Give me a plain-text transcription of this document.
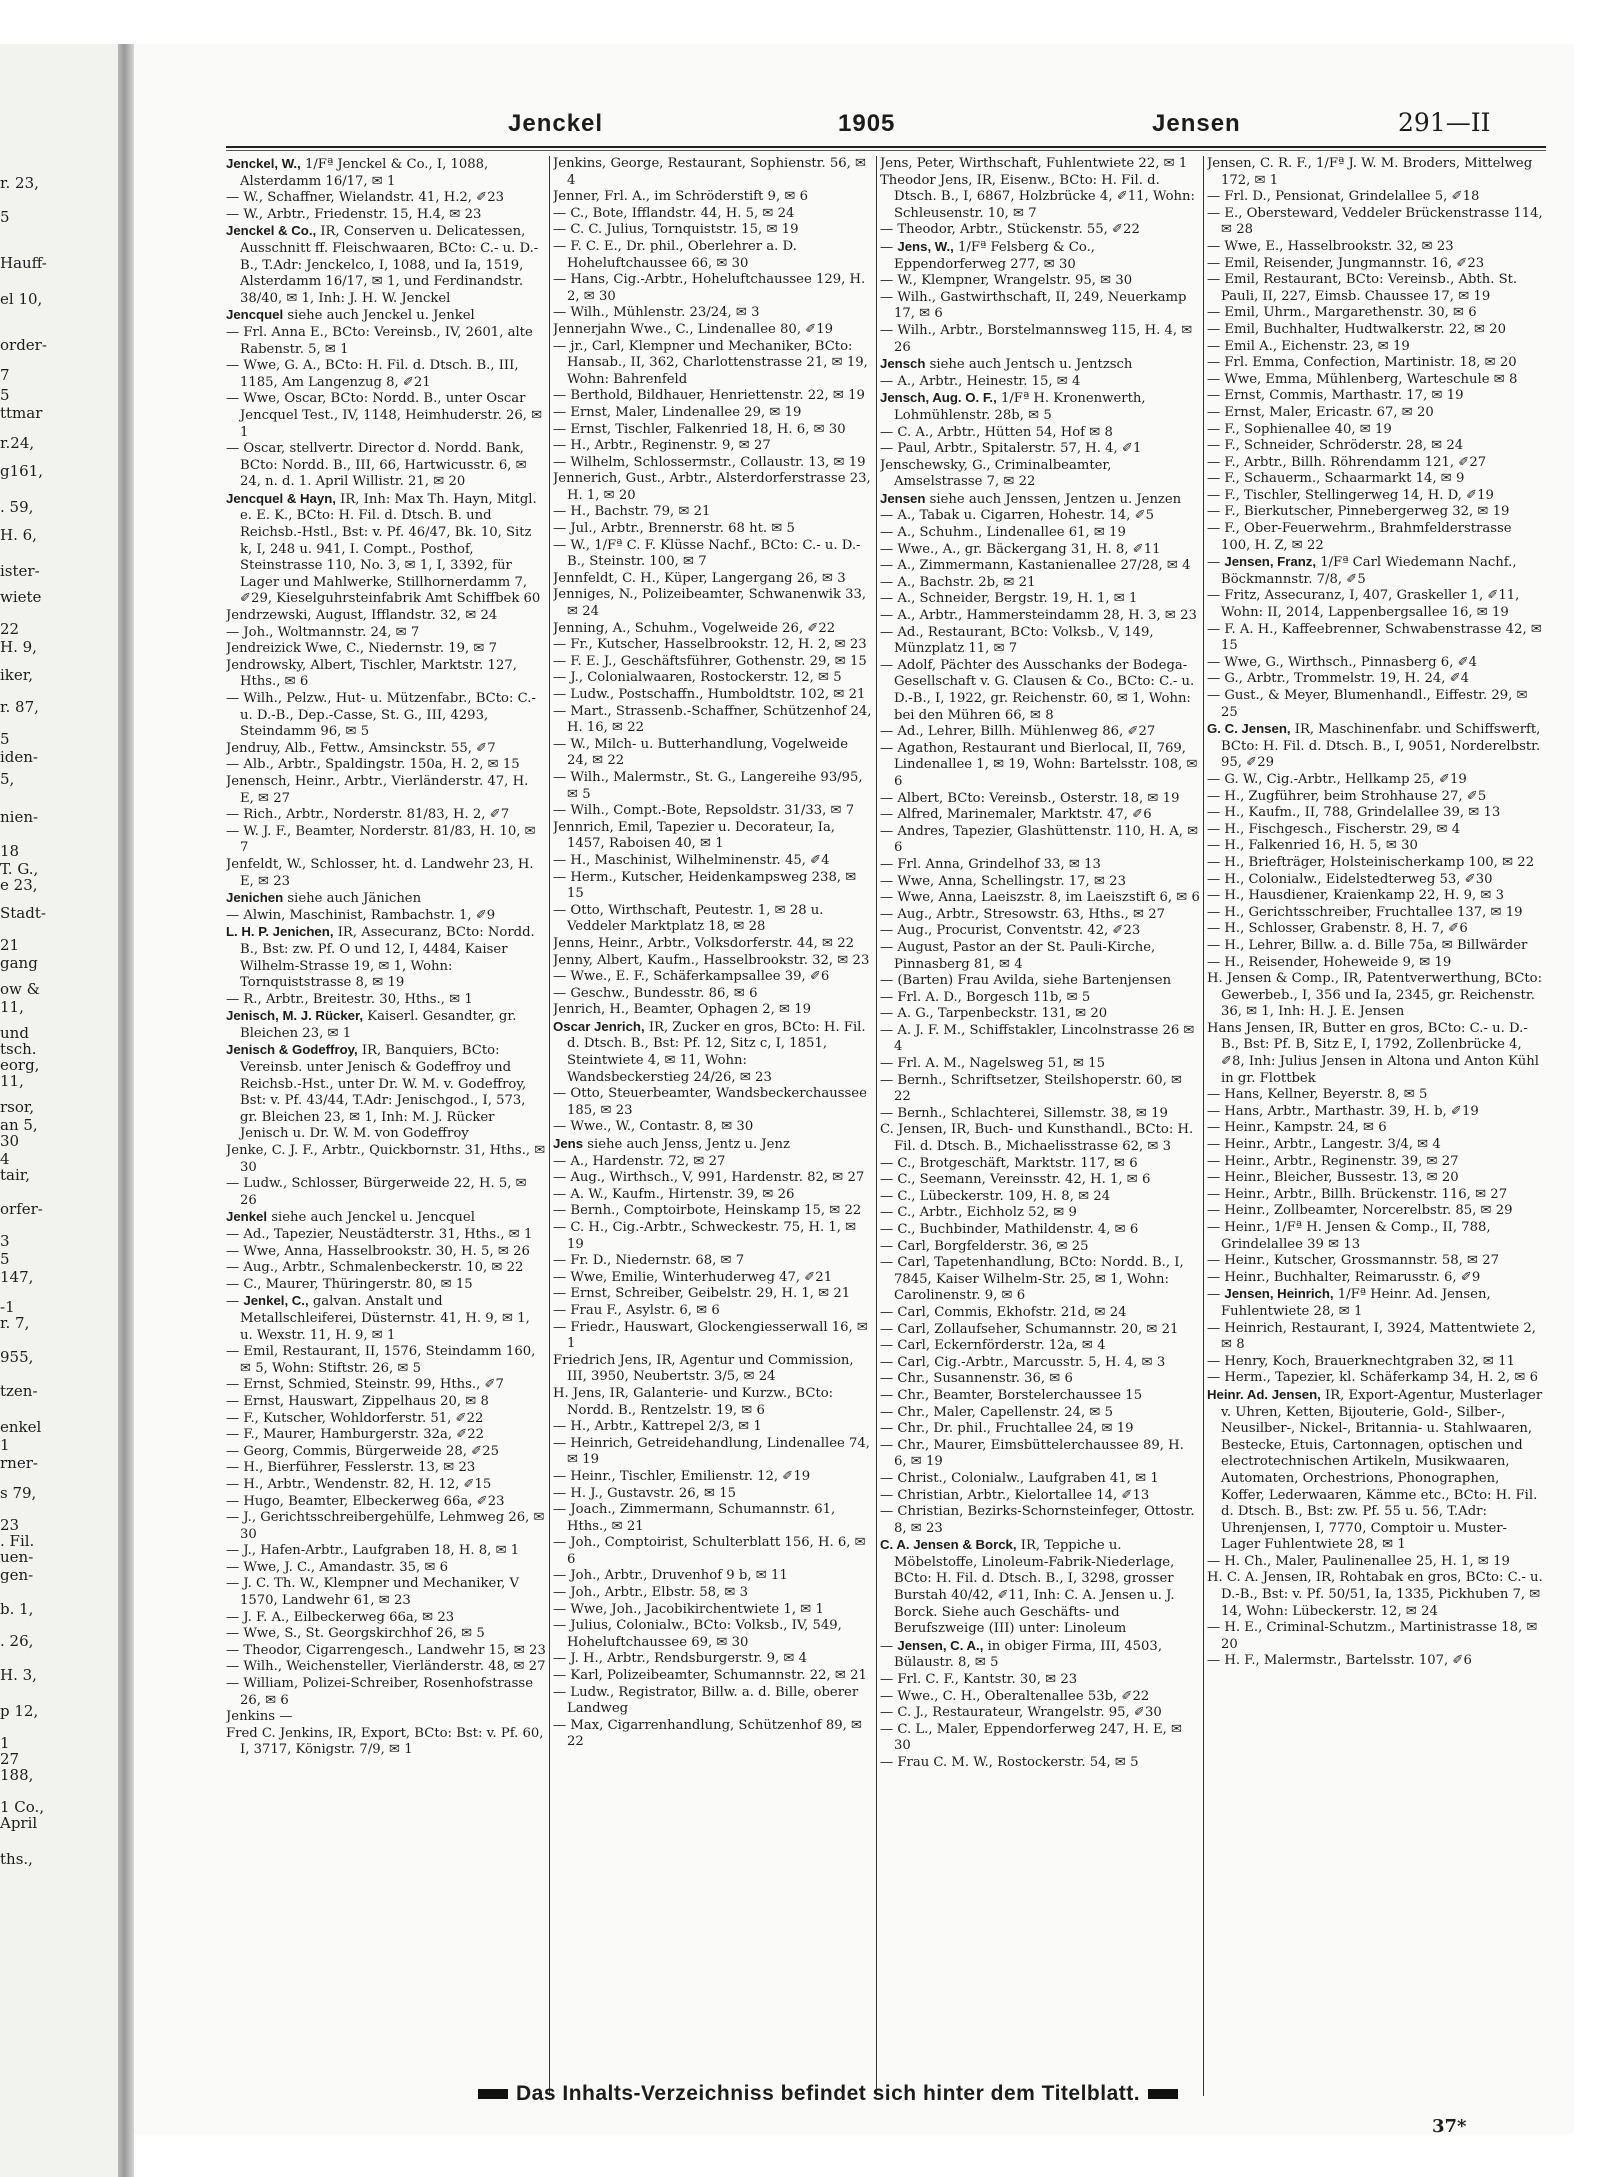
r. 23,
5
Hauff-
el 10,
order-
7
5
ttmar
r.24,
g161,
. 59,
H. 6,
ister-
wiete
22
H. 9,
iker,
r. 87,
5
iden-
5,
nien-
18
T. G.,
e 23,
Stadt-
21
gang
ow &
11,
und
tsch.
eorg,
11,
rsor,
an 5,
30
4
tair,
orfer-
3
5
147,
-1
r. 7,
955,
tzen-
enkel
1
rner-
s 79,
23
. Fil.
uen-
gen-
b. 1,
. 26,
H. 3,
p 12,
1
27
188,
1 Co.,
April
ths.,
Jenckel	1905	Jensen	291—II

Jenckel, W., 1/Fª Jenckel & Co., I, 1088, Alsterdamm 16/17, ✉ 1

— W., Schaffner, Wielandstr. 41, H.2, ✐23

— W., Arbtr., Friedenstr. 15, H.4, ✉ 23

Jenckel & Co., IR, Conserven u. Delicatessen, Ausschnitt ff. Fleischwaaren, BCto: C.- u. D.-B., T.Adr: Jenckelco, I, 1088, und Ia, 1519, Alsterdamm 16/17, ✉ 1, und Ferdinandstr. 38/40, ✉ 1, Inh: J. H. W. Jenckel

Jencquel siehe auch Jenckel u. Jenkel

— Frl. Anna E., BCto: Vereinsb., IV, 2601, alte Rabenstr. 5, ✉ 1

— Wwe, G. A., BCto: H. Fil. d. Dtsch. B., III, 1185, Am Langenzug 8, ✐21

— Wwe, Oscar, BCto: Nordd. B., unter Oscar Jencquel Test., IV, 1148, Heimhuderstr. 26, ✉ 1

— Oscar, stellvertr. Director d. Nordd. Bank, BCto: Nordd. B., III, 66, Hartwicusstr. 6, ✉ 24, n. d. 1. April Willistr. 21, ✉ 20

Jencquel & Hayn, IR, Inh: Max Th. Hayn, Mitgl. e. E. K., BCto: H. Fil. d. Dtsch. B. und Reichsb.-Hstl., Bst: v. Pf. 46/47, Bk. 10, Sitz k, I, 248 u. 941, I. Compt., Posthof, Steinstrasse 110, No. 3, ✉ 1, I, 3392, für Lager und Mahlwerke, Stillhornerdamm 7, ✐29, Kieselguhrsteinfabrik Amt Schiffbek 60

Jendrzewski, August, Ifflandstr. 32, ✉ 24

— Joh., Woltmannstr. 24, ✉ 7

Jendreizick Wwe, C., Niedernstr. 19, ✉ 7

Jendrowsky, Albert, Tischler, Marktstr. 127, Hths., ✉ 6

— Wilh., Pelzw., Hut- u. Mützenfabr., BCto: C.- u. D.-B., Dep.-Casse, St. G., III, 4293, Steindamm 96, ✉ 5

Jendruy, Alb., Fettw., Amsinckstr. 55, ✐7

— Alb., Arbtr., Spaldingstr. 150a, H. 2, ✉ 15

Jenensch, Heinr., Arbtr., Vierländerstr. 47, H. E, ✉ 27

— Rich., Arbtr., Norderstr. 81/83, H. 2, ✐7

— W. J. F., Beamter, Norderstr. 81/83, H. 10, ✉ 7

Jenfeldt, W., Schlosser, ht. d. Landwehr 23, H. E, ✉ 23

Jenichen siehe auch Jänichen

— Alwin, Maschinist, Rambachstr. 1, ✐9

L. H. P. Jenichen, IR, Assecuranz, BCto: Nordd. B., Bst: zw. Pf. O und 12, I, 4484, Kaiser Wilhelm-Strasse 19, ✉ 1, Wohn: Tornquiststrasse 8, ✉ 19

— R., Arbtr., Breitestr. 30, Hths., ✉ 1

Jenisch, M. J. Rücker, Kaiserl. Gesandter, gr. Bleichen 23, ✉ 1

Jenisch & Godeffroy, IR, Banquiers, BCto: Vereinsb. unter Jenisch & Godeffroy und Reichsb.-Hst., unter Dr. W. M. v. Godeffroy, Bst: v. Pf. 43/44, T.Adr: Jenischgod., I, 573, gr. Bleichen 23, ✉ 1, Inh: M. J. Rücker Jenisch u. Dr. W. M. von Godeffroy

Jenke, C. J. F., Arbtr., Quickbornstr. 31, Hths., ✉ 30

— Ludw., Schlosser, Bürgerweide 22, H. 5, ✉ 26

Jenkel siehe auch Jenckel u. Jencquel

— Ad., Tapezier, Neustädterstr. 31, Hths., ✉ 1

— Wwe, Anna, Hasselbrookstr. 30, H. 5, ✉ 26

— Aug., Arbtr., Schmalenbeckerstr. 10, ✉ 22

— C., Maurer, Thüringerstr. 80, ✉ 15

— Jenkel, C., galvan. Anstalt und Metallschleiferei, Düsternstr. 41, H. 9, ✉ 1, u. Wexstr. 11, H. 9, ✉ 1

— Emil, Restaurant, II, 1576, Steindamm 160, ✉ 5, Wohn: Stiftstr. 26, ✉ 5

— Ernst, Schmied, Steinstr. 99, Hths., ✐7

— Ernst, Hauswart, Zippelhaus 20, ✉ 8

— F., Kutscher, Wohldorferstr. 51, ✐22

— F., Maurer, Hamburgerstr. 32a, ✐22

— Georg, Commis, Bürgerweide 28, ✐25

— H., Bierführer, Fesslerstr. 13, ✉ 23

— H., Arbtr., Wendenstr. 82, H. 12, ✐15

— Hugo, Beamter, Elbeckerweg 66a, ✐23

— J., Gerichtsschreibergehülfe, Lehmweg 26, ✉ 30

— J., Hafen-Arbtr., Laufgraben 18, H. 8, ✉ 1

— Wwe, J. C., Amandastr. 35, ✉ 6

— J. C. Th. W., Klempner und Mechaniker, V 1570, Landwehr 61, ✉ 23

— J. F. A., Eilbeckerweg 66a, ✉ 23

— Wwe, S., St. Georgskirchhof 26, ✉ 5

— Theodor, Cigarrengesch., Landwehr 15, ✉ 23

— Wilh., Weichensteller, Vierländerstr. 48, ✉ 27

— William, Polizei-Schreiber, Rosenhofstrasse 26, ✉ 6

Jenkins —

Fred C. Jenkins, IR, Export, BCto: Bst: v. Pf. 60, I, 3717, Königstr. 7/9, ✉ 1

Jenkins, George, Restaurant, Sophienstr. 56, ✉ 4

Jenner, Frl. A., im Schröderstift 9, ✉ 6

— C., Bote, Ifflandstr. 44, H. 5, ✉ 24

— C. C. Julius, Tornquiststr. 15, ✉ 19

— F. C. E., Dr. phil., Oberlehrer a. D. Hoheluftchaussee 66, ✉ 30

— Hans, Cig.-Arbtr., Hoheluftchaussee 129, H. 2, ✉ 30

— Wilh., Mühlenstr. 23/24, ✉ 3

Jennerjahn Wwe., C., Lindenallee 80, ✐19

— jr., Carl, Klempner und Mechaniker, BCto: Hansab., II, 362, Charlottenstrasse 21, ✉ 19, Wohn: Bahrenfeld

— Berthold, Bildhauer, Henriettenstr. 22, ✉ 19

— Ernst, Maler, Lindenallee 29, ✉ 19

— Ernst, Tischler, Falkenried 18, H. 6, ✉ 30

— H., Arbtr., Reginenstr. 9, ✉ 27

— Wilhelm, Schlossermstr., Collaustr. 13, ✉ 19

Jennerich, Gust., Arbtr., Alsterdorferstrasse 23, H. 1, ✉ 20

— H., Bachstr. 79, ✉ 21

— Jul., Arbtr., Brennerstr. 68 ht. ✉ 5

— W., 1/Fª C. F. Klüsse Nachf., BCto: C.- u. D.-B., Steinstr. 100, ✉ 7

Jennfeldt, C. H., Küper, Langergang 26, ✉ 3

Jenniges, N., Polizeibeamter, Schwanenwik 33, ✉ 24

Jenning, A., Schuhm., Vogelweide 26, ✐22

— Fr., Kutscher, Hasselbrookstr. 12, H. 2, ✉ 23

— F. E. J., Geschäftsführer, Gothenstr. 29, ✉ 15

— J., Colonialwaaren, Rostockerstr. 12, ✉ 5

— Ludw., Postschaffn., Humboldtstr. 102, ✉ 21

— Mart., Strassenb.-Schaffner, Schützenhof 24, H. 16, ✉ 22

— W., Milch- u. Butterhandlung, Vogelweide 24, ✉ 22

— Wilh., Malermstr., St. G., Langereihe 93/95, ✉ 5

— Wilh., Compt.-Bote, Repsoldstr. 31/33, ✉ 7

Jennrich, Emil, Tapezier u. Decorateur, Ia, 1457, Raboisen 40, ✉ 1

— H., Maschinist, Wilhelminenstr. 45, ✐4

— Herm., Kutscher, Heidenkampsweg 238, ✉ 15

— Otto, Wirthschaft, Peutestr. 1, ✉ 28 u. Veddeler Marktplatz 18, ✉ 28

Jenns, Heinr., Arbtr., Volksdorferstr. 44, ✉ 22

Jenny, Albert, Kaufm., Hasselbrookstr. 32, ✉ 23

— Wwe., E. F., Schäferkampsallee 39, ✐6

— Geschw., Bundesstr. 86, ✉ 6

Jenrich, H., Beamter, Ophagen 2, ✉ 19

Oscar Jenrich, IR, Zucker en gros, BCto: H. Fil. d. Dtsch. B., Bst: Pf. 12, Sitz c, I, 1851, Steintwiete 4, ✉ 11, Wohn: Wandsbeckerstieg 24/26, ✉ 23

— Otto, Steuerbeamter, Wandsbeckerchaussee 185, ✉ 23

— Wwe., W., Contastr. 8, ✉ 30

Jens siehe auch Jenss, Jentz u. Jenz

— A., Hardenstr. 72, ✉ 27

— Aug., Wirthsch., V, 991, Hardenstr. 82, ✉ 27

— A. W., Kaufm., Hirtenstr. 39, ✉ 26

— Bernh., Comptoirbote, Heinskamp 15, ✉ 22

— C. H., Cig.-Arbtr., Schweckestr. 75, H. 1, ✉ 19

— Fr. D., Niedernstr. 68, ✉ 7

— Wwe, Emilie, Winterhuderweg 47, ✐21

— Ernst, Schreiber, Geibelstr. 29, H. 1, ✉ 21

— Frau F., Asylstr. 6, ✉ 6

— Friedr., Hauswart, Glockengiesserwall 16, ✉ 1

Friedrich Jens, IR, Agentur und Commission, III, 3950, Neubertstr. 3/5, ✉ 24

H. Jens, IR, Galanterie- und Kurzw., BCto: Nordd. B., Rentzelstr. 19, ✉ 6

— H., Arbtr., Kattrepel 2/3, ✉ 1

— Heinrich, Getreidehandlung, Lindenallee 74, ✉ 19

— Heinr., Tischler, Emilienstr. 12, ✐19

— H. J., Gustavstr. 26, ✉ 15

— Joach., Zimmermann, Schumannstr. 61, Hths., ✉ 21

— Joh., Comptoirist, Schulterblatt 156, H. 6, ✉ 6

— Joh., Arbtr., Druvenhof 9 b, ✉ 11

— Joh., Arbtr., Elbstr. 58, ✉ 3

— Wwe, Joh., Jacobikirchentwiete 1, ✉ 1

— Julius, Colonialw., BCto: Volksb., IV, 549, Hoheluftchaussee 69, ✉ 30

— J. H., Arbtr., Rendsburgerstr. 9, ✉ 4

— Karl, Polizeibeamter, Schumannstr. 22, ✉ 21

— Ludw., Registrator, Billw. a. d. Bille, oberer Landweg

— Max, Cigarrenhandlung, Schützenhof 89, ✉ 22

Jens, Peter, Wirthschaft, Fuhlentwiete 22, ✉ 1

Theodor Jens, IR, Eisenw., BCto: H. Fil. d. Dtsch. B., I, 6867, Holzbrücke 4, ✐11, Wohn: Schleusenstr. 10, ✉ 7

— Theodor, Arbtr., Stückenstr. 55, ✐22

— Jens, W., 1/Fª Felsberg & Co., Eppendorferweg 277, ✉ 30

— W., Klempner, Wrangelstr. 95, ✉ 30

— Wilh., Gastwirthschaft, II, 249, Neuerkamp 17, ✉ 6

— Wilh., Arbtr., Borstelmannsweg 115, H. 4, ✉ 26

Jensch siehe auch Jentsch u. Jentzsch

— A., Arbtr., Heinestr. 15, ✉ 4

Jensch, Aug. O. F., 1/Fª H. Kronenwerth, Lohmühlenstr. 28b, ✉ 5

— C. A., Arbtr., Hütten 54, Hof ✉ 8

— Paul, Arbtr., Spitalerstr. 57, H. 4, ✐1

Jenschewsky, G., Criminalbeamter, Amselstrasse 7, ✉ 22

Jensen siehe auch Jenssen, Jentzen u. Jenzen

— A., Tabak u. Cigarren, Hohestr. 14, ✐5

— A., Schuhm., Lindenallee 61, ✉ 19

— Wwe., A., gr. Bäckergang 31, H. 8, ✐11

— A., Zimmermann, Kastanienallee 27/28, ✉ 4

— A., Bachstr. 2b, ✉ 21

— A., Schneider, Bergstr. 19, H. 1, ✉ 1

— A., Arbtr., Hammersteindamm 28, H. 3, ✉ 23

— Ad., Restaurant, BCto: Volksb., V, 149, Münzplatz 11, ✉ 7

— Adolf, Pächter des Ausschanks der Bodega-Gesellschaft v. G. Clausen & Co., BCto: C.- u. D.-B., I, 1922, gr. Reichenstr. 60, ✉ 1, Wohn: bei den Mühren 66, ✉ 8

— Ad., Lehrer, Billh. Mühlenweg 86, ✐27

— Agathon, Restaurant und Bierlocal, II, 769, Lindenallee 1, ✉ 19, Wohn: Bartelsstr. 108, ✉ 6

— Albert, BCto: Vereinsb., Osterstr. 18, ✉ 19

— Alfred, Marinemaler, Marktstr. 47, ✐6

— Andres, Tapezier, Glashüttenstr. 110, H. A, ✉ 6

— Frl. Anna, Grindelhof 33, ✉ 13

— Wwe, Anna, Schellingstr. 17, ✉ 23

— Wwe, Anna, Laeiszstr. 8, im Laeiszstift 6, ✉ 6

— Aug., Arbtr., Stresowstr. 63, Hths., ✉ 27

— Aug., Procurist, Conventstr. 42, ✐23

— August, Pastor an der St. Pauli-Kirche, Pinnasberg 81, ✉ 4

— (Barten) Frau Avilda, siehe Bartenjensen

— Frl. A. D., Borgesch 11b, ✉ 5

— A. G., Tarpenbeckstr. 131, ✉ 20

— A. J. F. M., Schiffstakler, Lincolnstrasse 26 ✉ 4

— Frl. A. M., Nagelsweg 51, ✉ 15

— Bernh., Schriftsetzer, Steilshoperstr. 60, ✉ 22

— Bernh., Schlachterei, Sillemstr. 38, ✉ 19

C. Jensen, IR, Buch- und Kunsthandl., BCto: H. Fil. d. Dtsch. B., Michaelisstrasse 62, ✉ 3

— C., Brotgeschäft, Marktstr. 117, ✉ 6

— C., Seemann, Vereinsstr. 42, H. 1, ✉ 6

— C., Lübeckerstr. 109, H. 8, ✉ 24

— C., Arbtr., Eichholz 52, ✉ 9

— C., Buchbinder, Mathildenstr. 4, ✉ 6

— Carl, Borgfelderstr. 36, ✉ 25

— Carl, Tapetenhandlung, BCto: Nordd. B., I, 7845, Kaiser Wilhelm-Str. 25, ✉ 1, Wohn: Carolinenstr. 9, ✉ 6

— Carl, Commis, Ekhofstr. 21d, ✉ 24

— Carl, Zollaufseher, Schumannstr. 20, ✉ 21

— Carl, Eckernförderstr. 12a, ✉ 4

— Carl, Cig.-Arbtr., Marcusstr. 5, H. 4, ✉ 3

— Chr., Susannenstr. 36, ✉ 6

— Chr., Beamter, Borstelerchaussee 15

— Chr., Maler, Capellenstr. 24, ✉ 5

— Chr., Dr. phil., Fruchtallee 24, ✉ 19

— Chr., Maurer, Eimsbüttelerchaussee 89, H. 6, ✉ 19

— Christ., Colonialw., Laufgraben 41, ✉ 1

— Christian, Arbtr., Kielortallee 14, ✐13

— Christian, Bezirks-Schornsteinfeger, Ottostr. 8, ✉ 23

C. A. Jensen & Borck, IR, Teppiche u. Möbelstoffe, Linoleum-Fabrik-Niederlage, BCto: H. Fil. d. Dtsch. B., I, 3298, grosser Burstah 40/42, ✐11, Inh: C. A. Jensen u. J. Borck. Siehe auch Geschäfts- und Berufszweige (III) unter: Linoleum

— Jensen, C. A., in obiger Firma, III, 4503, Bülaustr. 8, ✉ 5

— Frl. C. F., Kantstr. 30, ✉ 23

— Wwe., C. H., Oberaltenallee 53b, ✐22

— C. J., Restaurateur, Wrangelstr. 95, ✐30

— C. L., Maler, Eppendorferweg 247, H. E, ✉ 30

— Frau C. M. W., Rostockerstr. 54, ✉ 5

Jensen, C. R. F., 1/Fª J. W. M. Broders, Mittelweg 172, ✉ 1

— Frl. D., Pensionat, Grindelallee 5, ✐18

— E., Obersteward, Veddeler Brückenstrasse 114, ✉ 28

— Wwe, E., Hasselbrookstr. 32, ✉ 23

— Emil, Reisender, Jungmannstr. 16, ✐23

— Emil, Restaurant, BCto: Vereinsb., Abth. St. Pauli, II, 227, Eimsb. Chaussee 17, ✉ 19

— Emil, Uhrm., Margarethenstr. 30, ✉ 6

— Emil, Buchhalter, Hudtwalkerstr. 22, ✉ 20

— Emil A., Eichenstr. 23, ✉ 19

— Frl. Emma, Confection, Martinistr. 18, ✉ 20

— Wwe, Emma, Mühlenberg, Warteschule ✉ 8

— Ernst, Commis, Marthastr. 17, ✉ 19

— Ernst, Maler, Ericastr. 67, ✉ 20

— F., Sophienallee 40, ✉ 19

— F., Schneider, Schröderstr. 28, ✉ 24

— F., Arbtr., Billh. Röhrendamm 121, ✐27

— F., Schauerm., Schaarmarkt 14, ✉ 9

— F., Tischler, Stellingerweg 14, H. D, ✐19

— F., Bierkutscher, Pinnebergerweg 32, ✉ 19

— F., Ober-Feuerwehrm., Brahmfelderstrasse 100, H. Z, ✉ 22

— Jensen, Franz, 1/Fª Carl Wiedemann Nachf., Böckmannstr. 7/8, ✐5

— Fritz, Assecuranz, I, 407, Graskeller 1, ✐11, Wohn: II, 2014, Lappenbergsallee 16, ✉ 19

— F. A. H., Kaffeebrenner, Schwabenstrasse 42, ✉ 15

— Wwe, G., Wirthsch., Pinnasberg 6, ✐4

— G., Arbtr., Trommelstr. 19, H. 24, ✐4

— Gust., & Meyer, Blumenhandl., Eiffestr. 29, ✉ 25

G. C. Jensen, IR, Maschinenfabr. und Schiffswerft, BCto: H. Fil. d. Dtsch. B., I, 9051, Norderelbstr. 95, ✐29

— G. W., Cig.-Arbtr., Hellkamp 25, ✐19

— H., Zugführer, beim Strohhause 27, ✐5

— H., Kaufm., II, 788, Grindelallee 39, ✉ 13

— H., Fischgesch., Fischerstr. 29, ✉ 4

— H., Falkenried 16, H. 5, ✉ 30

— H., Briefträger, Holsteinischerkamp 100, ✉ 22

— H., Colonialw., Eidelstedterweg 53, ✐30

— H., Hausdiener, Kraienkamp 22, H. 9, ✉ 3

— H., Gerichtsschreiber, Fruchtallee 137, ✉ 19

— H., Schlosser, Grabenstr. 8, H. 7, ✐6

— H., Lehrer, Billw. a. d. Bille 75a, ✉ Billwärder

— H., Reisender, Hoheweide 9, ✉ 19

H. Jensen & Comp., IR, Patentverwerthung, BCto: Gewerbeb., I, 356 und Ia, 2345, gr. Reichenstr. 36, ✉ 1, Inh: H. J. E. Jensen

Hans Jensen, IR, Butter en gros, BCto: C.- u. D.-B., Bst: Pf. B, Sitz E, I, 1792, Zollenbrücke 4, ✐8, Inh: Julius Jensen in Altona und Anton Kühl in gr. Flottbek

— Hans, Kellner, Beyerstr. 8, ✉ 5

— Hans, Arbtr., Marthastr. 39, H. b, ✐19

— Heinr., Kampstr. 24, ✉ 6

— Heinr., Arbtr., Langestr. 3/4, ✉ 4

— Heinr., Arbtr., Reginenstr. 39, ✉ 27

— Heinr., Bleicher, Bussestr. 13, ✉ 20

— Heinr., Arbtr., Billh. Brückenstr. 116, ✉ 27

— Heinr., Zollbeamter, Norcerelbstr. 85, ✉ 29

— Heinr., 1/Fª H. Jensen & Comp., II, 788, Grindelallee 39 ✉ 13

— Heinr., Kutscher, Grossmannstr. 58, ✉ 27

— Heinr., Buchhalter, Reimarusstr. 6, ✐9

— Jensen, Heinrich, 1/Fª Heinr. Ad. Jensen, Fuhlentwiete 28, ✉ 1

— Heinrich, Restaurant, I, 3924, Mattentwiete 2, ✉ 8

— Henry, Koch, Brauerknechtgraben 32, ✉ 11

— Herm., Tapezier, kl. Schäferkamp 34, H. 2, ✉ 6

Heinr. Ad. Jensen, IR, Export-Agentur, Musterlager v. Uhren, Ketten, Bijouterie, Gold-, Silber-, Neusilber-, Nickel-, Britannia- u. Stahlwaaren, Bestecke, Etuis, Cartonnagen, optischen und electrotechnischen Artikeln, Musikwaaren, Automaten, Orchestrions, Phonographen, Koffer, Lederwaaren, Kämme etc., BCto: H. Fil. d. Dtsch. B., Bst: zw. Pf. 55 u. 56, T.Adr: Uhrenjensen, I, 7770, Comptoir u. Muster-Lager Fuhlentwiete 28, ✉ 1

— H. Ch., Maler, Paulinenallee 25, H. 1, ✉ 19

H. C. A. Jensen, IR, Rohtabak en gros, BCto: C.- u. D.-B., Bst: v. Pf. 50/51, Ia, 1335, Pickhuben 7, ✉ 14, Wohn: Lübeckerstr. 12, ✉ 24

— H. E., Criminal-Schutzm., Martinistrasse 18, ✉ 20

— H. F., Malermstr., Bartelsstr. 107, ✐6

Das Inhalts-Verzeichniss befindet sich hinter dem Titelblatt.
37*
